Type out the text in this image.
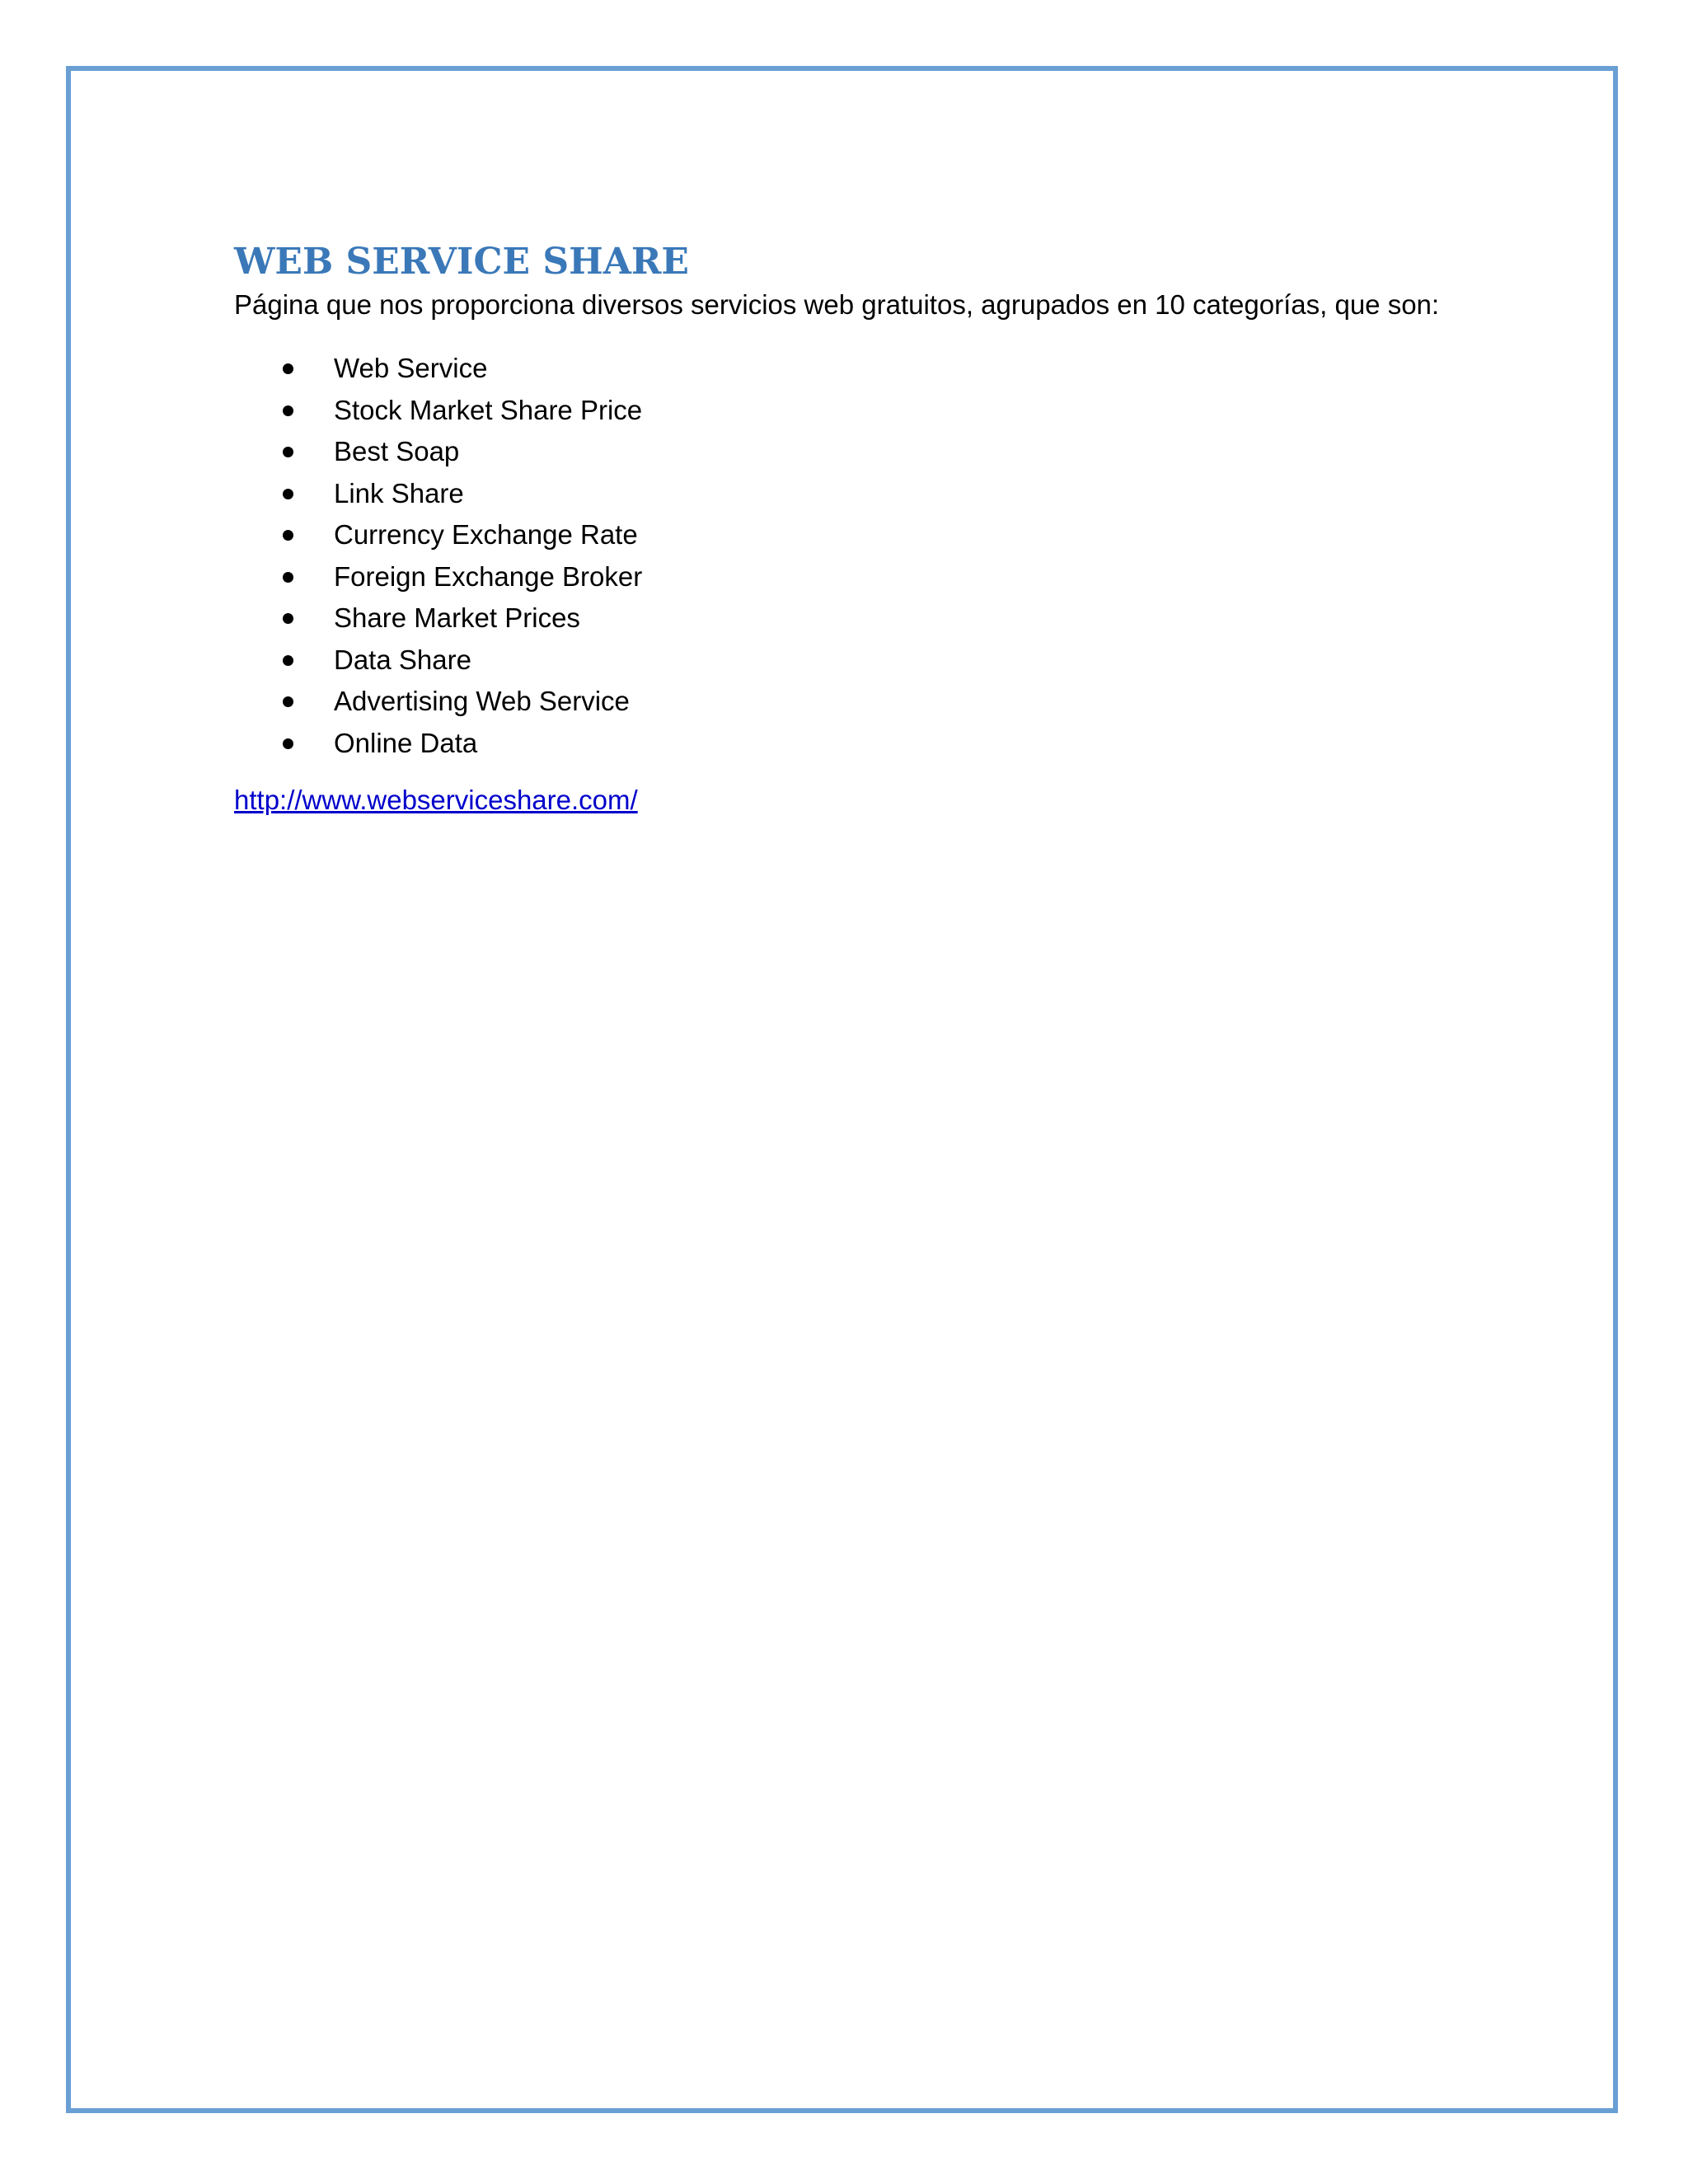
WEB SERVICE SHARE

Página que nos proporciona diversos servicios web gratuitos, agrupados en 10 categorías, que son:

Web Service
Stock Market Share Price
Best Soap
Link Share
Currency Exchange Rate
Foreign Exchange Broker
Share Market Prices
Data Share
Advertising Web Service
Online Data
http://www.webserviceshare.com/
